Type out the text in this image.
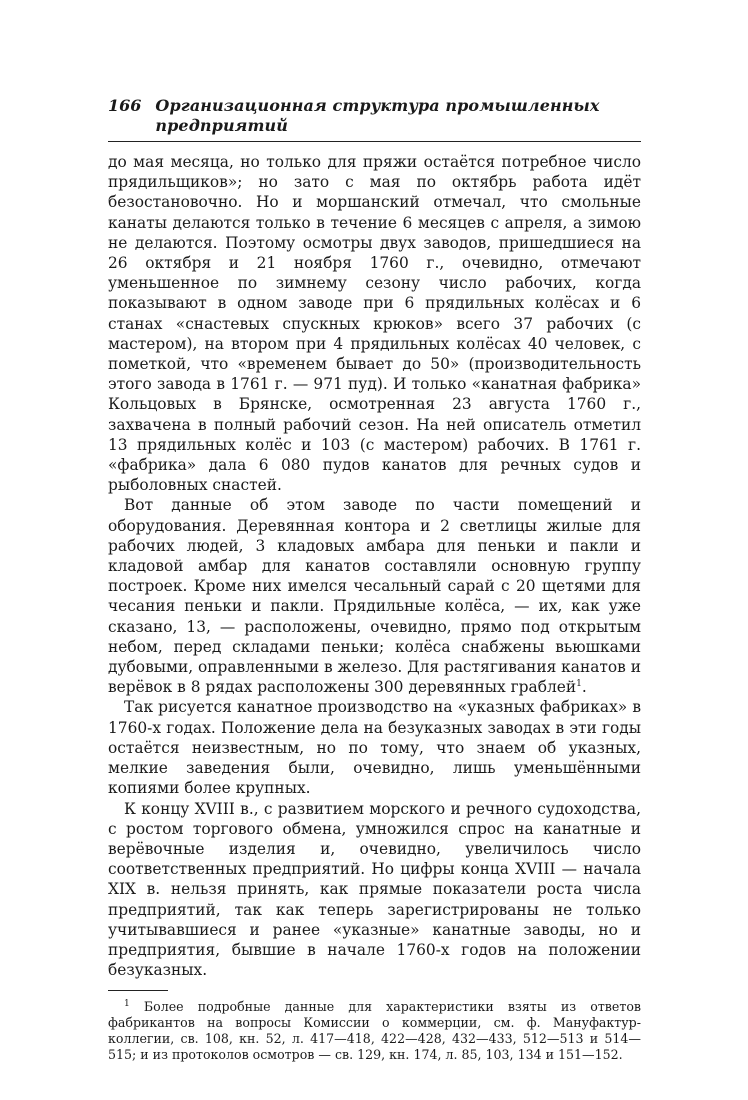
166 Организационная структура промышленных предприятий

до мая месяца, но только для пряжи остаётся потребное число прядильщиков»; но зато с мая по октябрь работа идёт безостановочно. Но и моршанский отмечал, что смольные канаты делаются только в течение 6 месяцев с апреля, а зимою не делаются. Поэтому осмотры двух заводов, пришедшиеся на 26 октября и 21 ноября 1760 г., очевидно, отмечают уменьшенное по зимнему сезону число рабочих, когда показывают в одном заводе при 6 прядильных колёсах и 6 станах «снастевых спускных крюков» всего 37 рабочих (с мастером), на втором при 4 прядильных колёсах 40 человек, с пометкой, что «временем бывает до 50» (производительность этого завода в 1761 г. — 971 пуд). И только «канатная фабрика» Кольцовых в Брянске, осмотренная 23 августа 1760 г., захвачена в полный рабочий сезон. На ней описатель отметил 13 прядильных колёс и 103 (с мастером) рабочих. В 1761 г. «фабрика» дала 6 080 пудов канатов для речных судов и рыболовных снастей.

Вот данные об этом заводе по части помещений и оборудования. Деревянная контора и 2 светлицы жилые для рабочих людей, 3 кладовых амбара для пеньки и пакли и кладовой амбар для канатов составляли основную группу построек. Кроме них имелся чесальный сарай с 20 щетями для чесания пеньки и пакли. Прядильные колёса, — их, как уже сказано, 13, — расположены, очевидно, прямо под открытым небом, перед складами пеньки; колёса снабжены вьюшками дубовыми, оправленными в железо. Для растягивания канатов и верёвок в 8 рядах расположены 300 деревянных граблей$^1$.

Так рисуется канатное производство на «указных фабриках» в 1760-х годах. Положение дела на безуказных заводах в эти годы остаётся неизвестным, но по тому, что знаем об указных, мелкие заведения были, очевидно, лишь уменьшёнными копиями более крупных.

К концу XVIII в., с развитием морского и речного судоходства, с ростом торгового обмена, умножился спрос на канатные и верёвочные изделия и, очевидно, увеличилось число соответственных предприятий. Но цифры конца XVIII — начала XIX в. нельзя принять, как прямые показатели роста числа предприятий, так как теперь зарегистрированы не только учитывавшиеся и ранее «указные» канатные заводы, но и предприятия, бывшие в начале 1760-х годов на положении безуказных.

$^1$ Более подробные данные для характеристики взяты из ответов фабрикантов на вопросы Комиссии о коммерции, см. ф. Мануфактур-коллегии, св. 108, кн. 52, л. 417—418, 422—428, 432—433, 512—513 и 514—515; и из протоколов осмотров — св. 129, кн. 174, л. 85, 103, 134 и 151—152.
